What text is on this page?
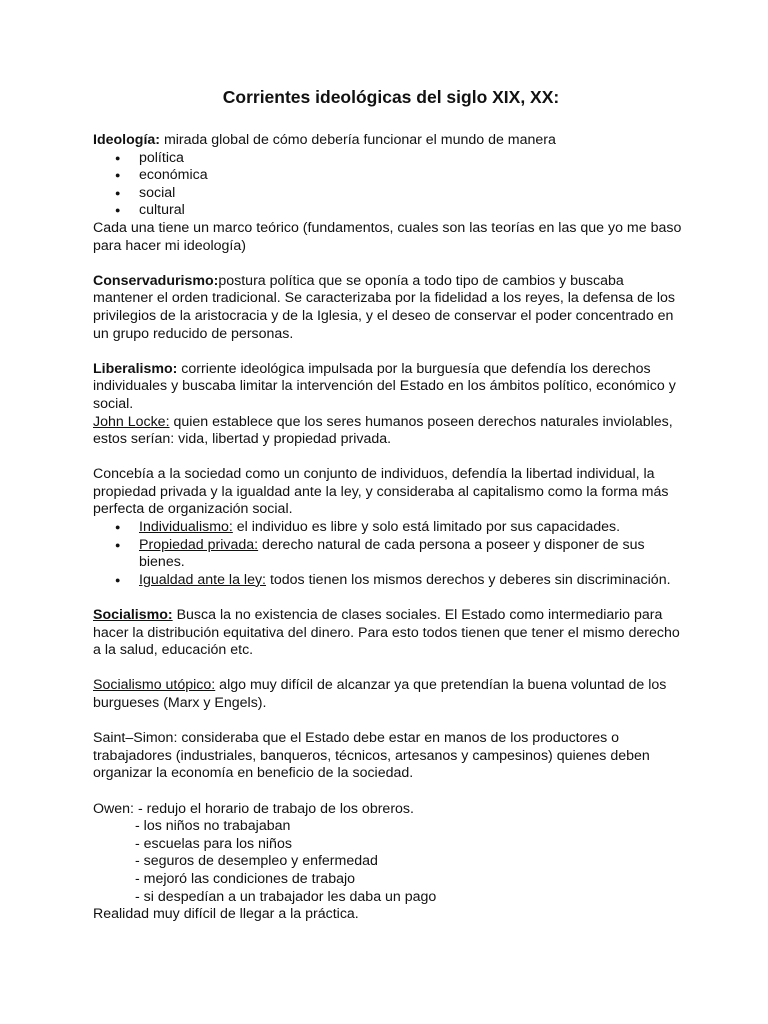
Corrientes ideológicas del siglo XIX, XX:

Ideología: mirada global de cómo debería funcionar el mundo de manera

● política
● económica
● social
● cultural

Cada una tiene un marco teórico (fundamentos, cuales son las teorías en las que yo me baso para hacer mi ideología)

Conservadurismo:postura política que se oponía a todo tipo de cambios y buscaba mantener el orden tradicional. Se caracterizaba por la fidelidad a los reyes, la defensa de los privilegios de la aristocracia y de la Iglesia, y el deseo de conservar el poder concentrado en un grupo reducido de personas.

Liberalismo: corriente ideológica impulsada por la burguesía que defendía los derechos individuales y buscaba limitar la intervención del Estado en los ámbitos político, económico y social.

John Locke: quien establece que los seres humanos poseen derechos naturales inviolables, estos serían: vida, libertad y propiedad privada.

Concebía a la sociedad como un conjunto de individuos, defendía la libertad individual, la propiedad privada y la igualdad ante la ley, y consideraba al capitalismo como la forma más perfecta de organización social.

● Individualismo: el individuo es libre y solo está limitado por sus capacidades.
● Propiedad privada: derecho natural de cada persona a poseer y disponer de sus bienes.
● Igualdad ante la ley: todos tienen los mismos derechos y deberes sin discriminación.

Socialismo: Busca la no existencia de clases sociales. El Estado como intermediario para hacer la distribución equitativa del dinero. Para esto todos tienen que tener el mismo derecho a la salud, educación etc.

Socialismo utópico: algo muy difícil de alcanzar ya que pretendían la buena voluntad de los burgueses (Marx y Engels).

Saint–Simon: consideraba que el Estado debe estar en manos de los productores o trabajadores (industriales, banqueros, técnicos, artesanos y campesinos) quienes deben organizar la economía en beneficio de la sociedad.

Owen: - redujo el horario de trabajo de los obreros.

- los niños no trabajaban

- escuelas para los niños

- seguros de desempleo y enfermedad

- mejoró las condiciones de trabajo

- si despedían a un trabajador les daba un pago

Realidad muy difícil de llegar a la práctica.
